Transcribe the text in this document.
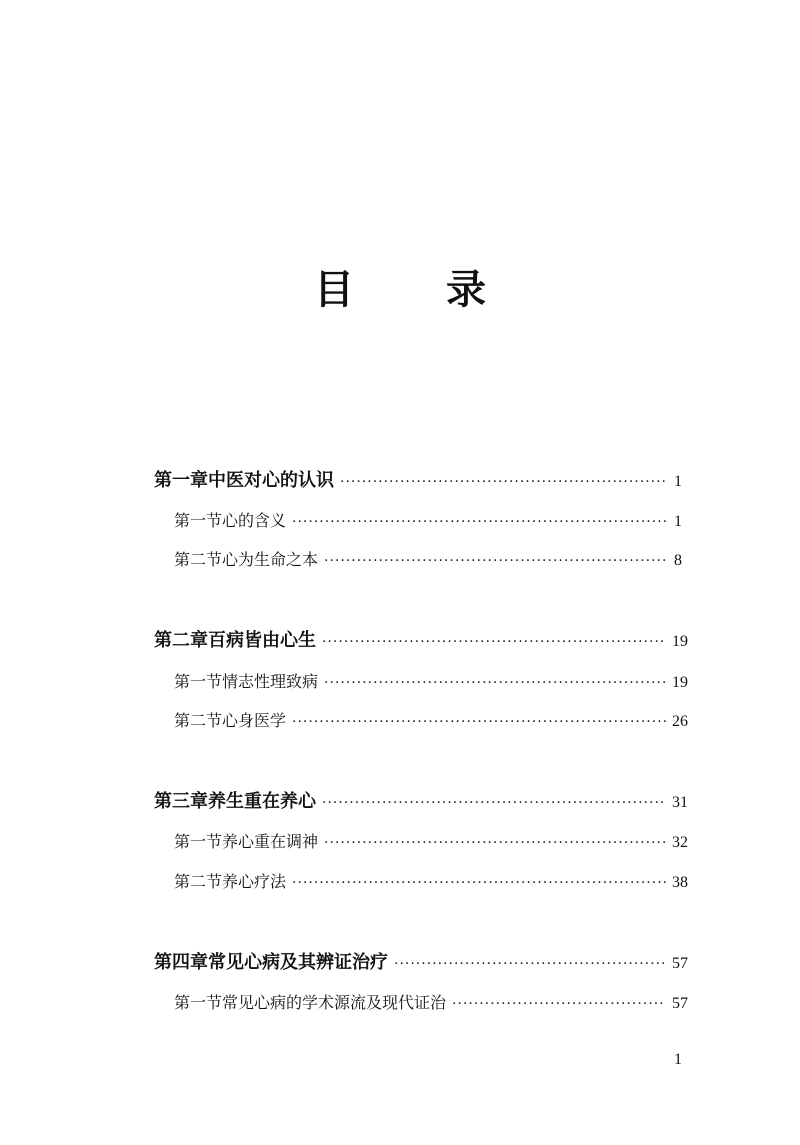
目　录
第一章 中医对心的认识 ·····	1
第一节 心的含义 ·····	1
第二节 心为生命之本 ·····	8
第二章 百病皆由心生 ·····	19
第一节 情志性理致病 ·····	19
第二节 心身医学 ·····	26
第三章 养生重在养心 ·····	31
第一节 养心重在调神 ·····	32
第二节 养心疗法 ·····	38
第四章 常见心病及其辨证治疗 ·····	57
第一节 常见心病的学术源流及现代证治 ·····	57
1
